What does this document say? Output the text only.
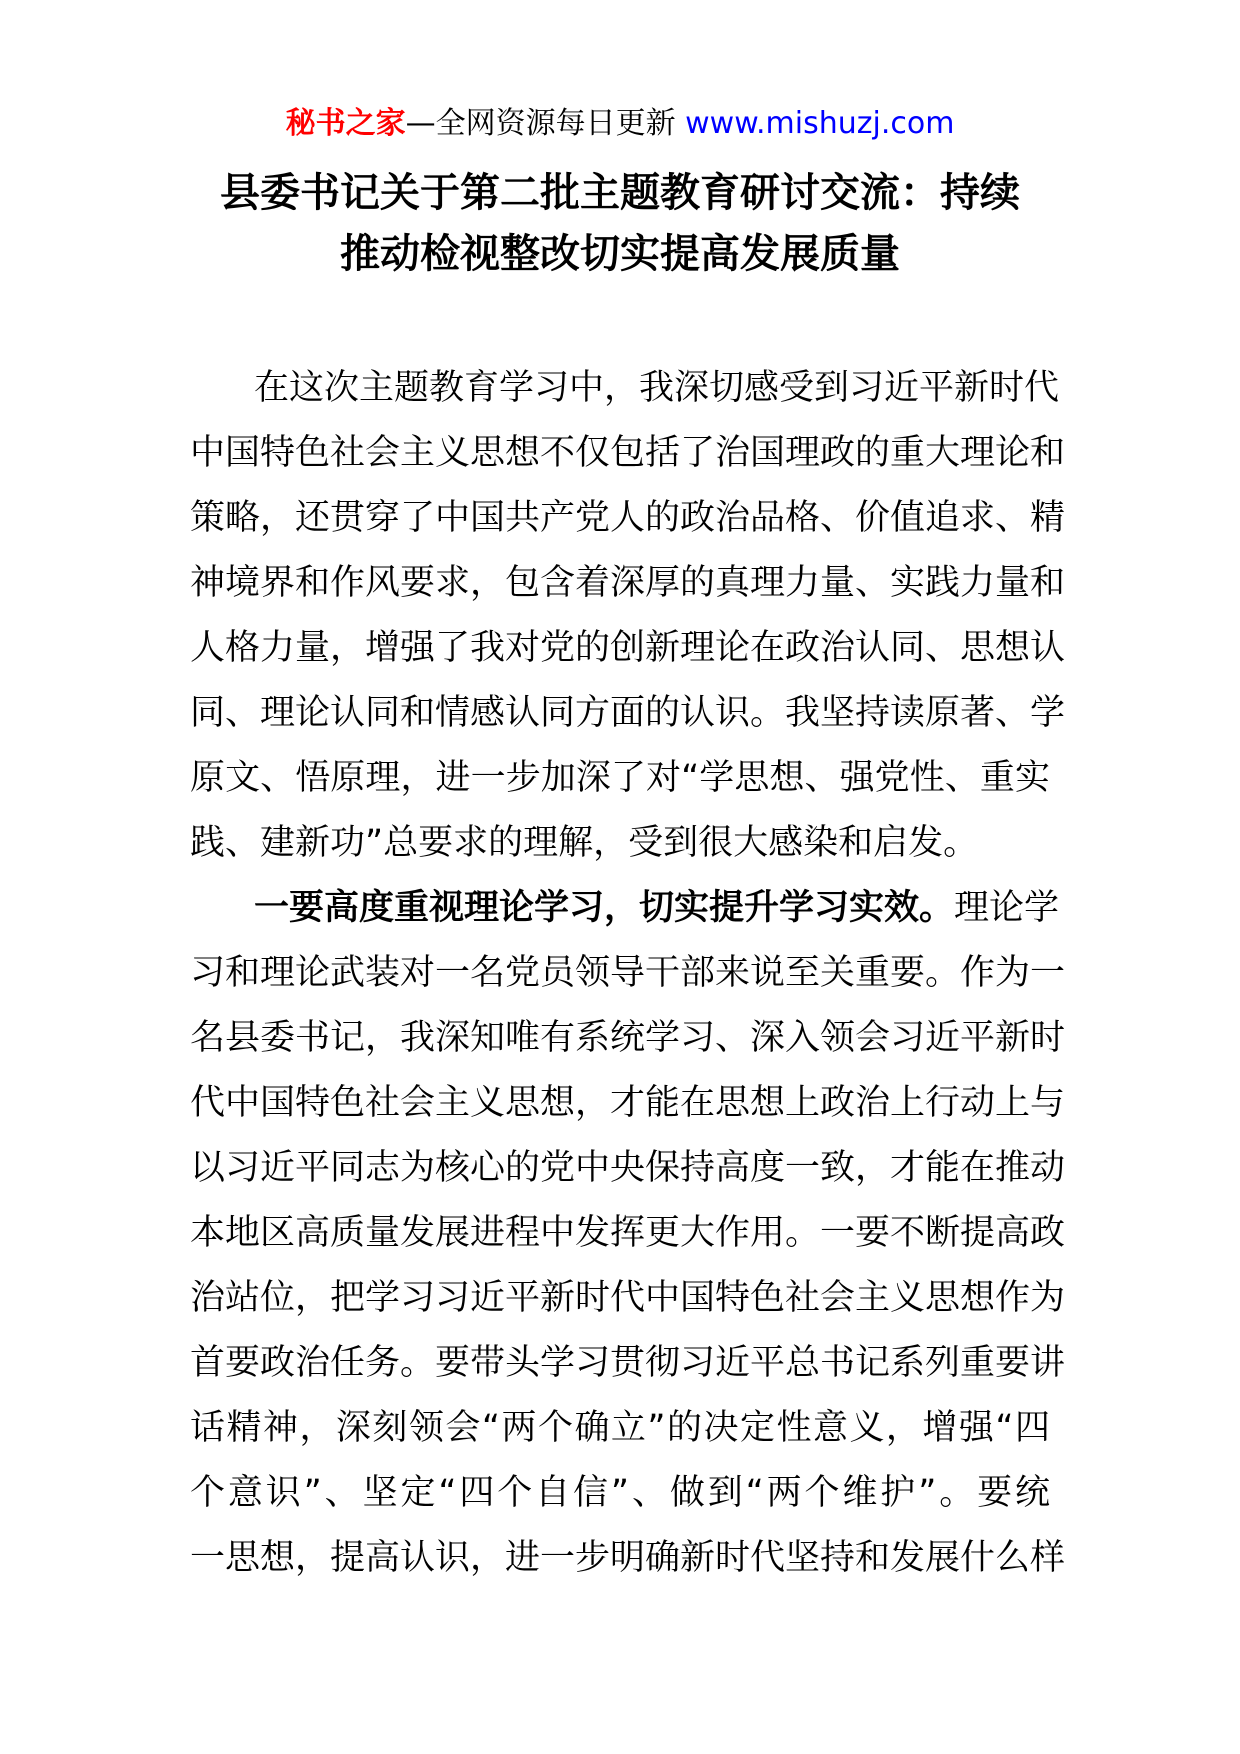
秘书之家—全网资源每日更新 www.mishuzj.com
县委书记关于第二批主题教育研讨交流：持续
推动检视整改切实提高发展质量
在这次主题教育学习中，我深切感受到习近平新时代
中国特色社会主义思想不仅包括了治国理政的重大理论和
策略，还贯穿了中国共产党人的政治品格、价值追求、精
神境界和作风要求，包含着深厚的真理力量、实践力量和
人格力量，增强了我对党的创新理论在政治认同、思想认
同、理论认同和情感认同方面的认识。我坚持读原著、学
原文、悟原理，进一步加深了对“学思想、强党性、重实
践、建新功”总要求的理解，受到很大感染和启发。
一要高度重视理论学习，切实提升学习实效。理论学
习和理论武装对一名党员领导干部来说至关重要。作为一
名县委书记，我深知唯有系统学习、深入领会习近平新时
代中国特色社会主义思想，才能在思想上政治上行动上与
以习近平同志为核心的党中央保持高度一致，才能在推动
本地区高质量发展进程中发挥更大作用。一要不断提高政
治站位，把学习习近平新时代中国特色社会主义思想作为
首要政治任务。要带头学习贯彻习近平总书记系列重要讲
话精神，深刻领会“两个确立”的决定性意义，增强“四
个意识”、坚定“四个自信”、做到“两个维护”。要统
一思想，提高认识，进一步明确新时代坚持和发展什么样
